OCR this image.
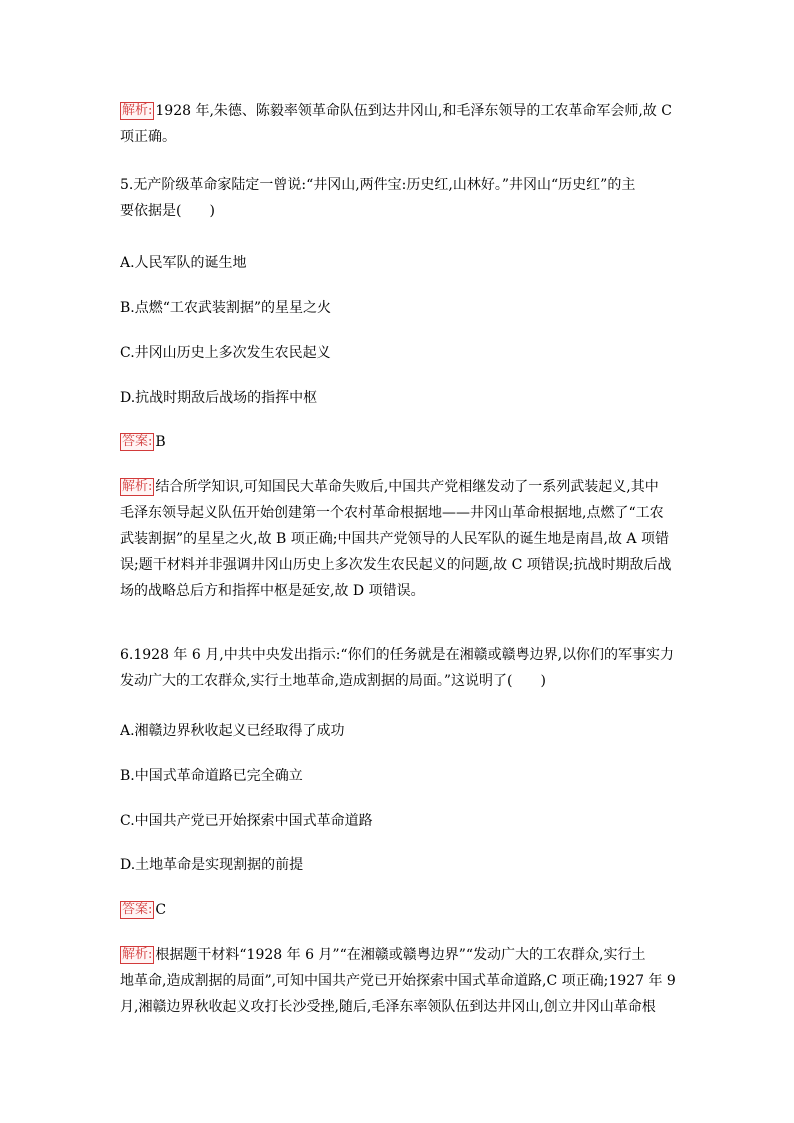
解析: 1928 年,朱德、陈毅率领革命队伍到达井冈山,和毛泽东领导的工农革命军会师,故 C
项正确。
5.无产阶级革命家陆定一曾说:“井冈山,两件宝:历史红,山林好。”井冈山“历史红”的主
要依据是(　　)
A.人民军队的诞生地
B.点燃“工农武装割据”的星星之火
C.井冈山历史上多次发生农民起义
D.抗战时期敌后战场的指挥中枢
答案: B
解析: 结合所学知识,可知国民大革命失败后,中国共产党相继发动了一系列武装起义,其中
毛泽东领导起义队伍开始创建第一个农村革命根据地——井冈山革命根据地,点燃了“工农
武装割据”的星星之火,故 B 项正确;中国共产党领导的人民军队的诞生地是南昌,故 A 项错
误;题干材料并非强调井冈山历史上多次发生农民起义的问题,故 C 项错误;抗战时期敌后战
场的战略总后方和指挥中枢是延安,故 D 项错误。
6.1928 年 6 月,中共中央发出指示:“你们的任务就是在湘赣或赣粤边界,以你们的军事实力
发动广大的工农群众,实行土地革命,造成割据的局面。”这说明了(　　)
A.湘赣边界秋收起义已经取得了成功
B.中国式革命道路已完全确立
C.中国共产党已开始探索中国式革命道路
D.土地革命是实现割据的前提
答案: C
解析: 根据题干材料“1928 年 6 月”“在湘赣或赣粤边界”“发动广大的工农群众,实行土
地革命,造成割据的局面”,可知中国共产党已开始探索中国式革命道路,C 项正确;1927 年 9
月,湘赣边界秋收起义攻打长沙受挫,随后,毛泽东率领队伍到达井冈山,创立井冈山革命根
